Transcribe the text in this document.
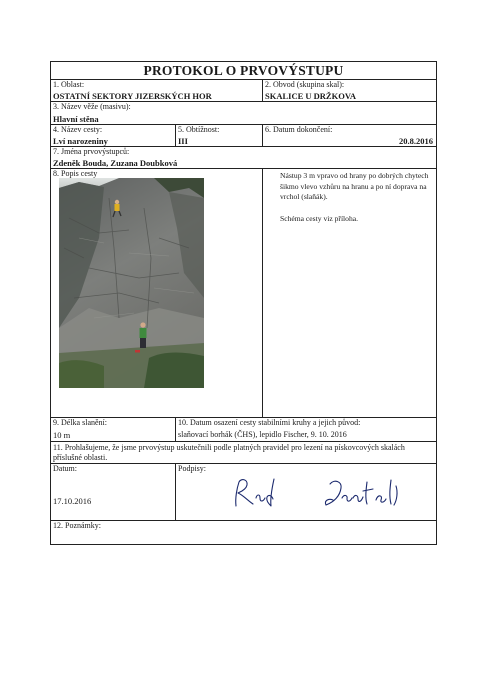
PROTOKOL O PRVOVÝSTUPU
1. Oblast:
OSTATNÍ SEKTORY JIZERSKÝCH HOR
2. Obvod (skupina skal):
SKALICE U DRŽKOVA
3. Název věže (masivu):
Hlavní stěna
4. Název cesty:
Lví narozeniny
5. Obtížnost:
III
6. Datum dokončení:
20.8.2016
7. Jména prvovýstupců:
Zdeněk Bouda, Zuzana Doubková
8. Popis cesty	Nástup 3 m vpravo od hrany po dobrých chytech
šikmo vlevo vzhůru na hranu a po ní doprava na
vrchol (slaňák).
Schéma cesty viz příloha.
9. Délka slanění:
10 m
10. Datum osazení cesty stabilními kruhy a jejich původ:
slaňovací borhák (ČHS), lepidlo Fischer, 9. 10. 2016
11. Prohlašujeme, že jsme prvovýstup uskutečnili podle platných pravidel pro lezení na pískovcových skalách
příslušné oblasti.
Datum:
17.10.2016
Podpisy:
12. Poznámky:
